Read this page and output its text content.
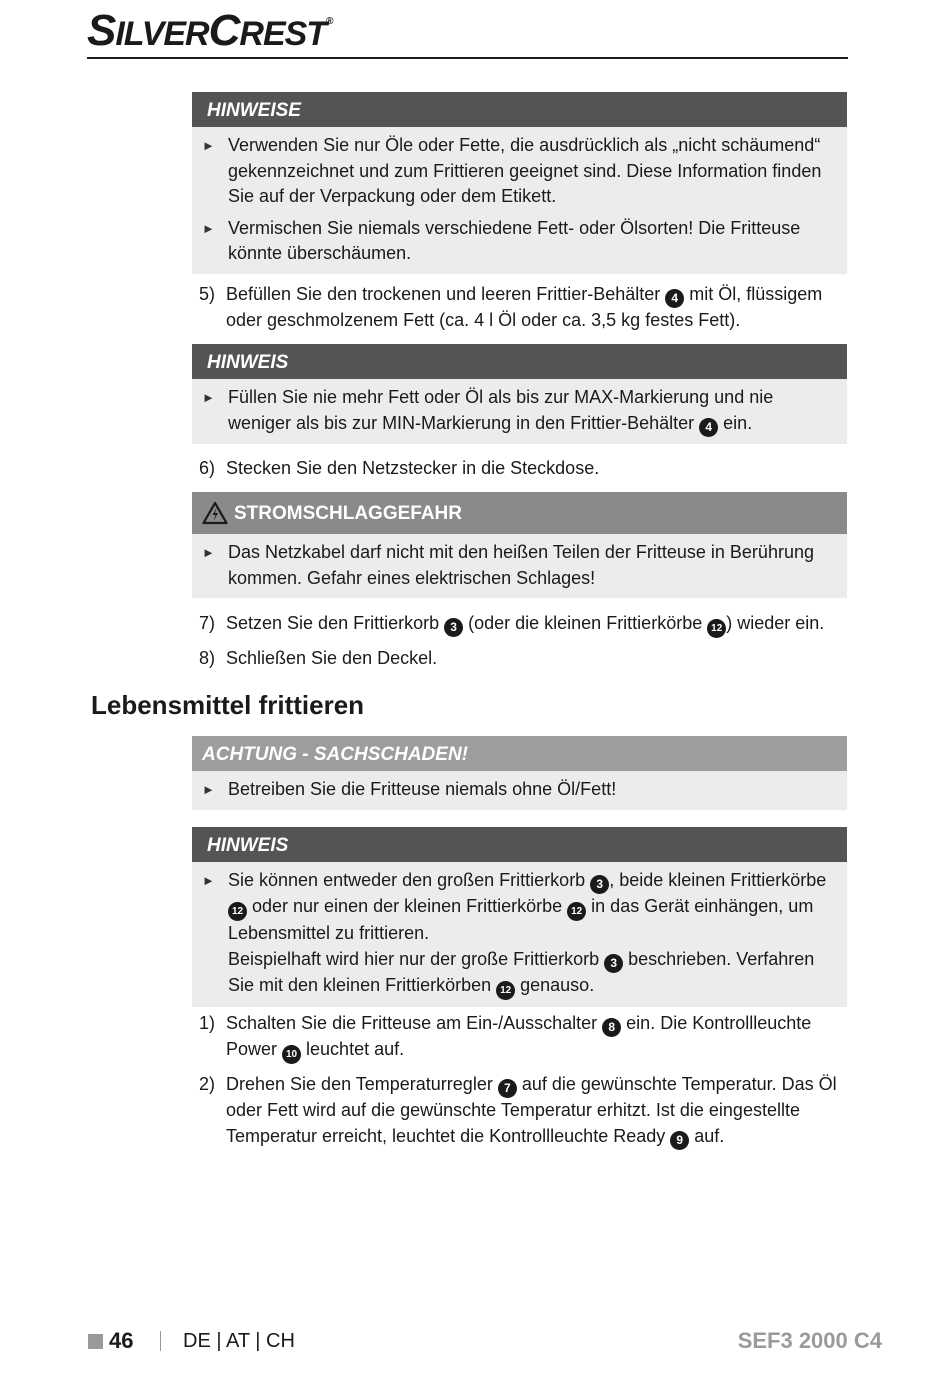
SILVERCREST®
HINWEISE
► Verwenden Sie nur Öle oder Fette, die ausdrücklich als „nicht schäumend“ gekennzeichnet und zum Frittieren geeignet sind. Diese Information finden Sie auf der Verpackung oder dem Etikett.
► Vermischen Sie niemals verschiedene Fett- oder Ölsorten! Die Fritteuse könnte überschäumen.
5) Befüllen Sie den trockenen und leeren Frittier-Behälter 4 mit Öl, flüssigem oder geschmolzenem Fett (ca. 4 l Öl oder ca. 3,5 kg festes Fett).
HINWEIS
► Füllen Sie nie mehr Fett oder Öl als bis zur MAX-Markierung und nie weniger als bis zur MIN-Markierung in den Frittier-Behälter 4 ein.
6) Stecken Sie den Netzstecker in die Steckdose.
STROMSCHLAGGEFAHR
► Das Netzkabel darf nicht mit den heißen Teilen der Fritteuse in Berührung kommen. Gefahr eines elektrischen Schlages!
7) Setzen Sie den Frittierkorb 3 (oder die kleinen Frittierkörbe 12 ) wieder ein.
8) Schließen Sie den Deckel.
Lebensmittel frittieren
ACHTUNG - SACHSCHADEN!
► Betreiben Sie die Fritteuse niemals ohne Öl/Fett!
HINWEIS
► Sie können entweder den großen Frittierkorb 3 , beide kleinen Frittierkörbe 12 oder nur einen der kleinen Frittierkörbe 12 in das Gerät einhängen, um Lebensmittel zu frittieren.
Beispielhaft wird hier nur der große Frittierkorb 3 beschrieben. Verfahren Sie mit den kleinen Frittierkörben 12 genauso.
1) Schalten Sie die Fritteuse am Ein-/Ausschalter 8 ein. Die Kontrollleuchte Power 10 leuchtet auf.
2) Drehen Sie den Temperaturregler 7 auf die gewünschte Temperatur. Das Öl oder Fett wird auf die gewünschte Temperatur erhitzt. Ist die eingestellte Temperatur erreicht, leuchtet die Kontrollleuchte Ready 9 auf.
46 DE | AT | CH	SEF3 2000 C4
